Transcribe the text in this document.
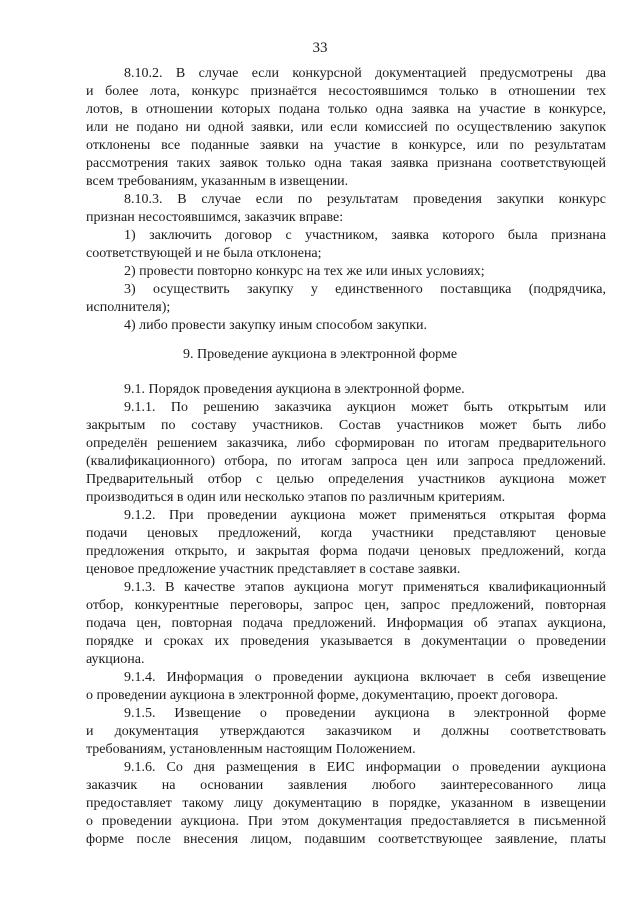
33
9. Проведение аукциона в электронной форме
8.10.2. В случае если конкурсной документацией предусмотрены два
и более лота, конкурс признаётся несостоявшимся только в отношении тех
лотов, в отношении которых подана только одна заявка на участие в конкурсе,
или не подано ни одной заявки, или если комиссией по осуществлению закупок
отклонены все поданные заявки на участие в конкурсе, или по результатам
рассмотрения таких заявок только одна такая заявка признана соответствующей
всем требованиям, указанным в извещении.
8.10.3. В случае если по результатам проведения закупки конкурс
признан несостоявшимся, заказчик вправе:
1) заключить договор с участником, заявка которого была признана
соответствующей и не была отклонена;
2) провести повторно конкурс на тех же или иных условиях;
3) осуществить закупку у единственного поставщика (подрядчика,
исполнителя);
4) либо провести закупку иным способом закупки.
9.1. Порядок проведения аукциона в электронной форме.
9.1.1. По решению заказчика аукцион может быть открытым или
закрытым по составу участников. Состав участников может быть либо
определён решением заказчика, либо сформирован по итогам предварительного
(квалификационного) отбора, по итогам запроса цен или запроса предложений.
Предварительный отбор с целью определения участников аукциона может
производиться в один или несколько этапов по различным критериям.
9.1.2. При проведении аукциона может применяться открытая форма
подачи ценовых предложений, когда участники представляют ценовые
предложения открыто, и закрытая форма подачи ценовых предложений, когда
ценовое предложение участник представляет в составе заявки.
9.1.3. В качестве этапов аукциона могут применяться квалификационный
отбор, конкурентные переговоры, запрос цен, запрос предложений, повторная
подача цен, повторная подача предложений. Информация об этапах аукциона,
порядке и сроках их проведения указывается в документации о проведении
аукциона.
9.1.4. Информация о проведении аукциона включает в себя извещение
о проведении аукциона в электронной форме, документацию, проект договора.
9.1.5. Извещение о проведении аукциона в электронной форме
и документация утверждаются заказчиком и должны соответствовать
требованиям, установленным настоящим Положением.
9.1.6. Со дня размещения в ЕИС информации о проведении аукциона
заказчик на основании заявления любого заинтересованного лица
предоставляет такому лицу документацию в порядке, указанном в извещении
о проведении аукциона. При этом документация предоставляется в письменной
форме после внесения лицом, подавшим соответствующее заявление, платы
